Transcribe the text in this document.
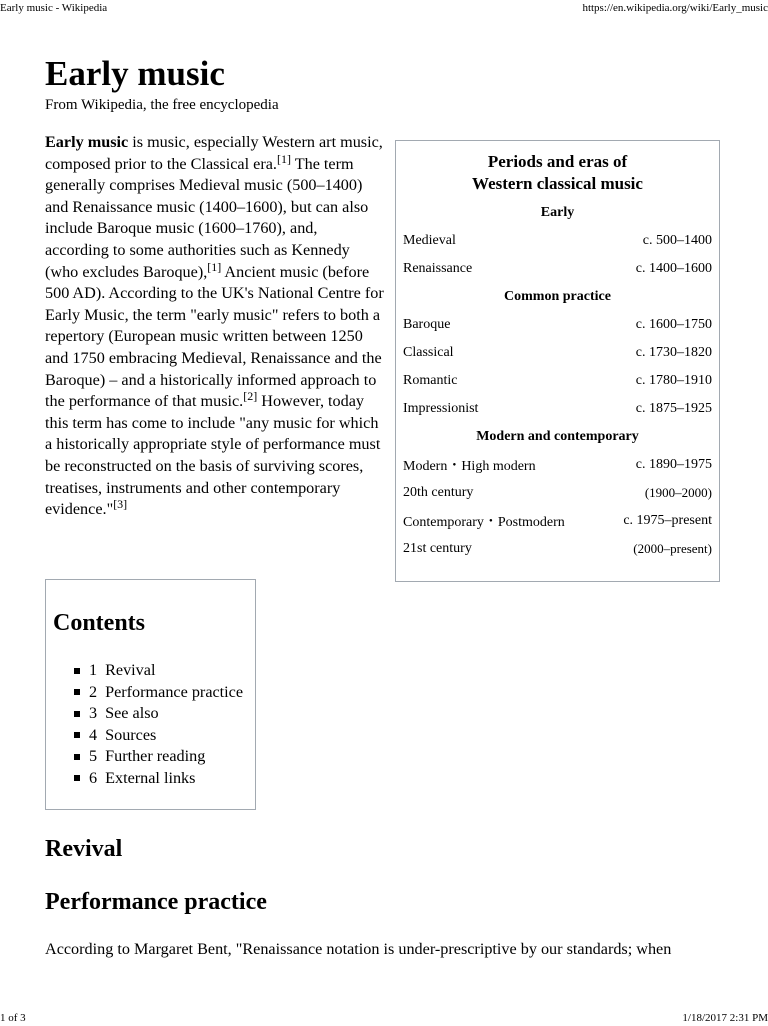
Early music - Wikipedia	https://en.wikipedia.org/wiki/Early_music
Early music
From Wikipedia, the free encyclopedia

Early music is music, especially Western art music, composed prior to the Classical era.[1] The term generally comprises Medieval music (500–1400) and Renaissance music (1400–1600), but can also include Baroque music (1600–1760), and, according to some authorities such as Kennedy (who excludes Baroque),[1] Ancient music (before 500 AD). According to the UK's National Centre for Early Music, the term "early music" refers to both a repertory (European music written between 1250 and 1750 embracing Medieval, Renaissance and the Baroque) – and a historically informed approach to the performance of that music.[2] However, today this term has come to include "any music for which a historically appropriate style of performance must be reconstructed on the basis of surviving scores, treatises, instruments and other contemporary evidence."[3]

Periods and eras of
Western classical music
Early	
Medieval	c. 500–1400
Renaissance	c. 1400–1600
Common practice	
Baroque	c. 1600–1750
Classical	c. 1730–1820
Romantic	c. 1780–1910
Impressionist	c. 1875–1925
Modern and contemporary	
Modern・High modern	c. 1890–1975
20th century	(1900–2000)
Contemporary・Postmodern	c. 1975–present
21st century	(2000–present)
Contents
1 Revival
2 Performance practice
3 See also
4 Sources
5 Further reading
6 External links
Revival
Performance practice

According to Margaret Bent, "Renaissance notation is under-prescriptive by our standards; when

1 of 3	1/18/2017 2:31 PM
